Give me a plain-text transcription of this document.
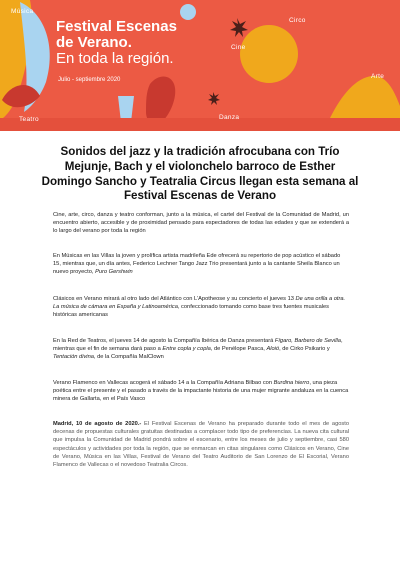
Festival Escenas
de Verano.
En toda la región.
Julio - septiembre 2020
Música
Circo
Cine
Arte
Teatro	Danza
Sonidos del jazz y la tradición afrocubana con Trío Mejunje, Bach y el violonchelo barroco de Esther Domingo Sancho y Teatralia Circus llegan esta semana al Festival Escenas de Verano

Cine, arte, circo, danza y teatro conforman, junto a la música, el cartel del Festival de la Comunidad de Madrid, un encuentro abierto, accesible y de proximidad pensado para espectadores de todas las edades y que se extenderá a lo largo del verano por toda la región

En Músicas en las Villas la joven y prolífica artista madrileña Ede ofrecerá su repertorio de pop acústico el sábado 15, mientras que, un día antes, Federico Lechner Tango Jazz Trio presentará junto a la cantante Sheila Blanco un nuevo proyecto, Puro Gershwin

Clásicos en Verano mirará al otro lado del Atlántico con L’Apotheose y su concierto el jueves 13 De una orilla a otra. La música de cámara en España y Latinoamérica, confeccionado tomando como base tres fuentes musicales históricas americanas

En la Red de Teatros, el jueves 14 de agosto la Compañía Ibérica de Danza presentará Fígaro, Barbero de Sevilla, mientras que el fin de semana dará paso a Entre copla y copla, de Penélope Pasca, Aloió, de Cirko Psikario y Tentación divina, de la Compañía MalClown

Verano Flamenco en Vallecas acogerá el sábado 14 a la Compañía Adriana Bilbao con Burdina hierro, una pieza poética entre el presente y el pasado a través de la impactante historia de una mujer migrante andaluza en la cuenca minera de Gallarta, en el País Vasco

Madrid, 10 de agosto de 2020.- El Festival Escenas de Verano ha preparado durante todo el mes de agosto decenas de propuestas culturales gratuitas destinadas a complacer todo tipo de preferencias. La nueva cita cultural que impulsa la Comunidad de Madrid pondrá sobre el escenario, entre los meses de julio y septiembre, casi 580 espectáculos y actividades por toda la región, que se enmarcan en citas singulares como Clásicos en Verano, Cine de Verano, Música en las Villas, Festival de Verano del Teatro Auditorio de San Lorenzo de El Escorial, Verano Flamenco de Vallecas o el novedoso Teatralia Circos.
